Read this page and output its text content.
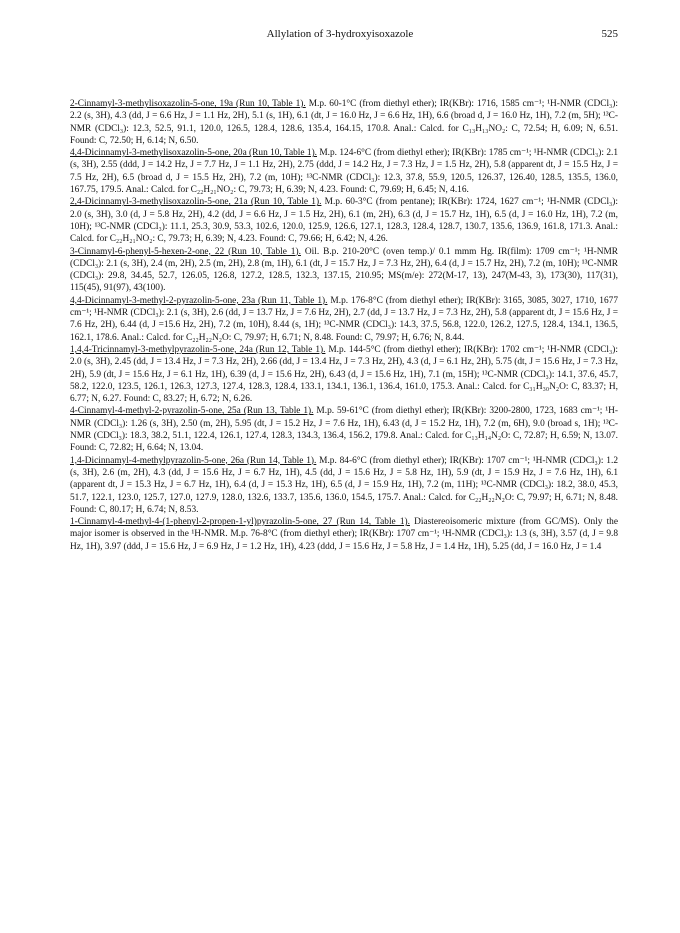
Allylation of 3-hydroxyisoxazole	525

2-Cinnamyl-3-methylisoxazolin-5-one, 19a (Run 10, Table 1). M.p. 60-1°C (from diethyl ether); IR(KBr): 1716, 1585 cm⁻¹; ¹H-NMR (CDCl₃): 2.2 (s, 3H), 4.3 (dd, J = 6.6 Hz, J = 1.1 Hz, 2H), 5.1 (s, 1H), 6.1 (dt, J = 16.0 Hz, J = 6.6 Hz, 1H), 6.6 (broad d, J = 16.0 Hz, 1H), 7.2 (m, 5H); ¹³C-NMR (CDCl₃): 12.3, 52.5, 91.1, 120.0, 126.5, 128.4, 128.6, 135.4, 164.15, 170.8. Anal.: Calcd. for C₁₃H₁₃NO₂: C, 72.54; H, 6.09; N, 6.51. Found: C, 72.50; H, 6.14; N, 6.50.

4,4-Dicinnamyl-3-methylisoxazolin-5-one, 20a (Run 10, Table 1). M.p. 124-6°C (from diethyl ether); IR(KBr): 1785 cm⁻¹; ¹H-NMR (CDCl₃): 2.1 (s, 3H), 2.55 (ddd, J = 14.2 Hz, J = 7.7 Hz, J = 1.1 Hz, 2H), 2.75 (ddd, J = 14.2 Hz, J = 7.3 Hz, J = 1.5 Hz, 2H), 5.8 (apparent dt, J = 15.5 Hz, J = 7.5 Hz, 2H), 6.5 (broad d, J = 15.5 Hz, 2H), 7.2 (m, 10H); ¹³C-NMR (CDCl₃): 12.3, 37.8, 55.9, 120.5, 126.37, 126.40, 128.5, 135.5, 136.0, 167.75, 179.5. Anal.: Calcd. for C₂₂H₂₁NO₂: C, 79.73; H, 6.39; N, 4.23. Found: C, 79.69; H, 6.45; N, 4.16.

2,4-Dicinnamyl-3-methylisoxazolin-5-one, 21a (Run 10, Table 1). M.p. 60-3°C (from pentane); IR(KBr): 1724, 1627 cm⁻¹; ¹H-NMR (CDCl₃): 2.0 (s, 3H), 3.0 (d, J = 5.8 Hz, 2H), 4.2 (dd, J = 6.6 Hz, J = 1.5 Hz, 2H), 6.1 (m, 2H), 6.3 (d, J = 15.7 Hz, 1H), 6.5 (d, J = 16.0 Hz, 1H), 7.2 (m, 10H); ¹³C-NMR (CDCl₃): 11.1, 25.3, 30.9, 53.3, 102.6, 120.0, 125.9, 126.6, 127.1, 128.3, 128.4, 128.7, 130.7, 135.6, 136.9, 161.8, 171.3. Anal.: Calcd. for C₂₂H₂₁NO₂: C, 79.73; H, 6.39; N, 4.23. Found: C, 79.66; H, 6.42; N, 4.26.

3-Cinnamyl-6-phenyl-5-hexen-2-one, 22 (Run 10, Table 1). Oil. B.p. 210-20°C (oven temp.)/ 0.1 mmm Hg. IR(film): 1709 cm⁻¹; ¹H-NMR (CDCl₃): 2.1 (s, 3H), 2.4 (m, 2H), 2.5 (m, 2H), 2.8 (m, 1H), 6.1 (dt, J = 15.7 Hz, J = 7.3 Hz, 2H), 6.4 (d, J = 15.7 Hz, 2H), 7.2 (m, 10H); ¹³C-NMR (CDCl₃): 29.8, 34.45, 52.7, 126.05, 126.8, 127.2, 128.5, 132.3, 137.15, 210.95; MS(m/e): 272(M-17, 13), 247(M-43, 3), 173(30), 117(31), 115(45), 91(97), 43(100).

4,4-Dicinnamyl-3-methyl-2-pyrazolin-5-one, 23a (Run 11, Table 1). M.p. 176-8°C (from diethyl ether); IR(KBr): 3165, 3085, 3027, 1710, 1677 cm⁻¹; ¹H-NMR (CDCl₃): 2.1 (s, 3H), 2.6 (dd, J = 13.7 Hz, J = 7.6 Hz, 2H), 2.7 (dd, J = 13.7 Hz, J = 7.3 Hz, 2H), 5.8 (apparent dt, J = 15.6 Hz, J = 7.6 Hz, 2H), 6.44 (d, J =15.6 Hz, 2H), 7.2 (m, 10H), 8.44 (s, 1H); ¹³C-NMR (CDCl₃): 14.3, 37.5, 56.8, 122.0, 126.2, 127.5, 128.4, 134.1, 136.5, 162.1, 178.6. Anal.: Calcd. for C₂₂H₂₂N₂O: C, 79.97; H, 6.71; N, 8.48. Found: C, 79.97; H, 6.76; N, 8.44.

1,4,4-Tricinnamyl-3-methylpyrazolin-5-one, 24a (Run 12, Table 1). M.p. 144-5°C (from diethyl ether); IR(KBr): 1702 cm⁻¹; ¹H-NMR (CDCl₃): 2.0 (s, 3H), 2.45 (dd, J = 13.4 Hz, J = 7.3 Hz, 2H), 2.66 (dd, J = 13.4 Hz, J = 7.3 Hz, 2H), 4.3 (d, J = 6.1 Hz, 2H), 5.75 (dt, J = 15.6 Hz, J = 7.3 Hz, 2H), 5.9 (dt, J = 15.6 Hz, J = 6.1 Hz, 1H), 6.39 (d, J = 15.6 Hz, 2H), 6.43 (d, J = 15.6 Hz, 1H), 7.1 (m, 15H); ¹³C-NMR (CDCl₃): 14.1, 37.6, 45.7, 58.2, 122.0, 123.5, 126.1, 126.3, 127.3, 127.4, 128.3, 128.4, 133.1, 134.1, 136.1, 136.4, 161.0, 175.3. Anal.: Calcd. for C₃₁H₃₀N₂O: C, 83.37; H, 6.77; N, 6.27. Found: C, 83.27; H, 6.72; N, 6.26.

4-Cinnamyl-4-methyl-2-pyrazolin-5-one, 25a (Run 13, Table 1). M.p. 59-61°C (from diethyl ether); IR(KBr): 3200-2800, 1723, 1683 cm⁻¹; ¹H-NMR (CDCl₃): 1.26 (s, 3H), 2.50 (m, 2H), 5.95 (dt, J = 15.2 Hz, J = 7.6 Hz, 1H), 6.43 (d, J = 15.2 Hz, 1H), 7.2 (m, 6H), 9.0 (broad s, 1H); ¹³C-NMR (CDCl₃): 18.3, 38.2, 51.1, 122.4, 126.1, 127.4, 128.3, 134.3, 136.4, 156.2, 179.8. Anal.: Calcd. for C₁₃H₁₄N₂O: C, 72.87; H, 6.59; N, 13.07. Found: C, 72.82; H, 6.64; N, 13.04.

1,4-Dicinnamyl-4-methylpyrazolin-5-one, 26a (Run 14, Table 1). M.p. 84-6°C (from diethyl ether); IR(KBr): 1707 cm⁻¹; ¹H-NMR (CDCl₃): 1.2 (s, 3H), 2.6 (m, 2H), 4.3 (dd, J = 15.6 Hz, J = 6.7 Hz, 1H), 4.5 (dd, J = 15.6 Hz, J = 5.8 Hz, 1H), 5.9 (dt, J = 15.9 Hz, J = 7.6 Hz, 1H), 6.1 (apparent dt, J = 15.3 Hz, J = 6.7 Hz, 1H), 6.4 (d, J = 15.3 Hz, 1H), 6.5 (d, J = 15.9 Hz, 1H), 7.2 (m, 11H); ¹³C-NMR (CDCl₃): 18.2, 38.0, 45.3, 51.7, 122.1, 123.0, 125.7, 127.0, 127.9, 128.0, 132.6, 133.7, 135.6, 136.0, 154.5, 175.7. Anal.: Calcd. for C₂₂H₂₂N₂O: C, 79.97; H, 6.71; N, 8.48. Found: C, 80.17; H, 6.74; N, 8.53.

1-Cinnamyl-4-methyl-4-(1-phenyl-2-propen-1-yl)pyrazolin-5-one, 27 (Run 14, Table 1). Diastereoisomeric mixture (from GC/MS). Only the major isomer is observed in the ¹H-NMR. M.p. 76-8°C (from diethyl ether); IR(KBr): 1707 cm⁻¹; ¹H-NMR (CDCl₃): 1.3 (s, 3H), 3.57 (d, J = 9.8 Hz, 1H), 3.97 (ddd, J = 15.6 Hz, J = 6.9 Hz, J = 1.2 Hz, 1H), 4.23 (ddd, J = 15.6 Hz, J = 5.8 Hz, J = 1.4 Hz, 1H), 5.25 (dd, J = 16.0 Hz, J = 1.4
